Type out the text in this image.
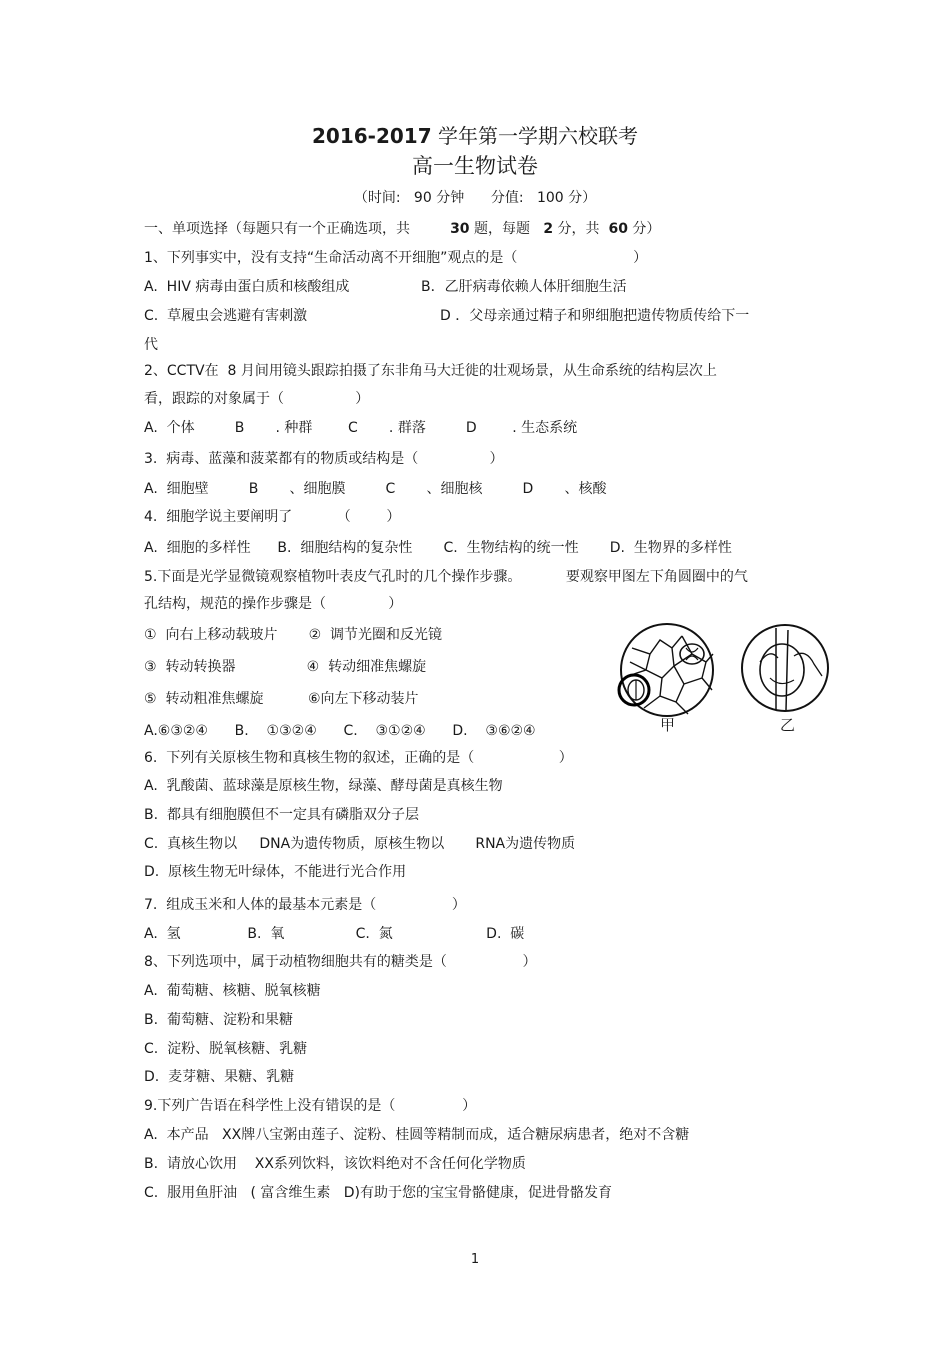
2016-2017 学年第一学期六校联考
高一生物试卷
（时间:   90 分钟      分值:   100 分）
一、单项选择（每题只有一个正确选项，共         30 题，每题   2 分，共  60 分）
1、下列事实中，没有支持“生命活动离不开细胞”观点的是（                          ）
A.  HIV 病毒由蛋白质和核酸组成	B．乙肝病毒依赖人体肝细胞生活
C.  草履虫会逃避有害刺激	D ．父母亲通过精子和卵细胞把遗传物质传给下一
代
2、CCTV在  8 月间用镜头跟踪拍摄了东非角马大迁徙的壮观场景，从生命系统的结构层次上
看，跟踪的对象属于（                ）
A.  个体         B       . 种群        C       . 群落         D        . 生态系统
3.  病毒、蓝藻和菠菜都有的物质或结构是（                ）
A.  细胞壁         B       、细胞膜         C       、细胞核         D       、核酸
4.  细胞学说主要阐明了          （        ）
A.  细胞的多样性      B.  细胞结构的复杂性       C.  生物结构的统一性       D.  生物界的多样性
5.下面是光学显微镜观察植物叶表皮气孔时的几个操作步骤。          要观察甲图左下角圆圈中的气
孔结构，规范的操作步骤是（              ）
①  向右上移动载玻片       ②  调节光圈和反光镜
③  转动转换器                ④  转动细准焦螺旋
⑤  转动粗准焦螺旋          ⑥向左下移动装片
A.⑥③②④      B.    ①③②④      C.    ③①②④      D.    ③⑥②④
6.  下列有关原核生物和真核生物的叙述，正确的是（                   ）
A.  乳酸菌、蓝球藻是原核生物，绿藻、酵母菌是真核生物
B.  都具有细胞膜但不一定具有磷脂双分子层
C.  真核生物以     DNA为遗传物质，原核生物以       RNA为遗传物质
D.  原核生物无叶绿体，不能进行光合作用
7.  组成玉米和人体的最基本元素是（                 ）
A.  氢               B.  氧                C.  氮                     D.  碳
8、下列选项中，属于动植物细胞共有的糖类是（                 ）
A.  葡萄糖、核糖、脱氧核糖
B.  葡萄糖、淀粉和果糖
C.  淀粉、脱氧核糖、乳糖
D.  麦芽糖、果糖、乳糖
9.下列广告语在科学性上没有错误的是（               ）
A.  本产品   XX牌八宝粥由莲子、淀粉、桂圆等精制而成，适合糖尿病患者，绝对不含糖
B.  请放心饮用    XX系列饮料，该饮料绝对不含任何化学物质
C.  服用鱼肝油   ( 富含维生素   D)有助于您的宝宝骨骼健康，促进骨骼发育
甲	乙
1
